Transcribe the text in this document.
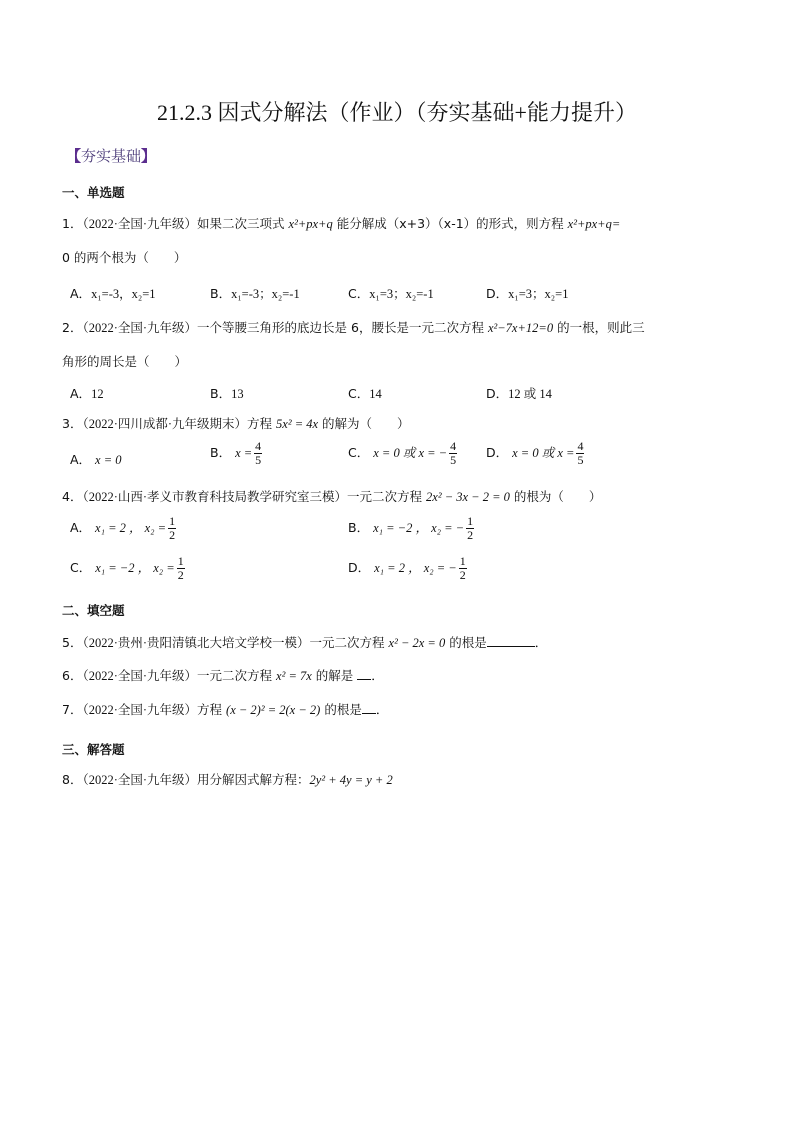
21.2.3 因式分解法（作业）（夯实基础+能力提升）
【夯实基础】
一、单选题
1．（2022·全国·九年级）如果二次三项式 x²+px+q 能分解成（x+3）（x-1）的形式，则方程 x²+px+q=
0 的两个根为（　　）
A．x₁=-3，x₂=1	B．x₁=-3；x₂=-1	C．x₁=3；x₂=-1	D．x₁=3；x₂=1
2．（2022·全国·九年级）一个等腰三角形的底边长是 6，腰长是一元二次方程 x²−7x+12=0 的一根，则此三
角形的周长是（　　）
A．12	B．13	C．14	D．12 或 14
3．（2022·四川成都·九年级期末）方程 5x² = 4x 的解为（　　）
A． x = 0	B． $x = \frac{4}{5}$	C． x = 0 或 x = − $\frac{4}{5}$ D． x = 0 或 $x = \frac{4}{5}$
4．（2022·山西·孝义市教育科技局教学研究室三模）一元二次方程 2x² − 3x − 2 = 0 的根为（　　）
A． x₁ = 2 ， $x_2 = \frac{1}{2}$	B． x₁ = −2 ， x₂ = − $\frac{1}{2}$
C． x₁ = −2 ， $x_2 = \frac{1}{2}$	D． x₁ = 2 ， x₂ = − $\frac{1}{2}$
二、填空题
5．（2022·贵州·贵阳清镇北大培文学校一模）一元二次方程 x² − 2x = 0 的根是	．
6．（2022·全国·九年级）一元二次方程 x² = 7x 的解是 ．
7．（2022·全国·九年级）方程 (x − 2)² = 2(x − 2) 的根是 ．
三、解答题
8．（2022·全国·九年级）用分解因式解方程：2y² + 4y = y + 2
